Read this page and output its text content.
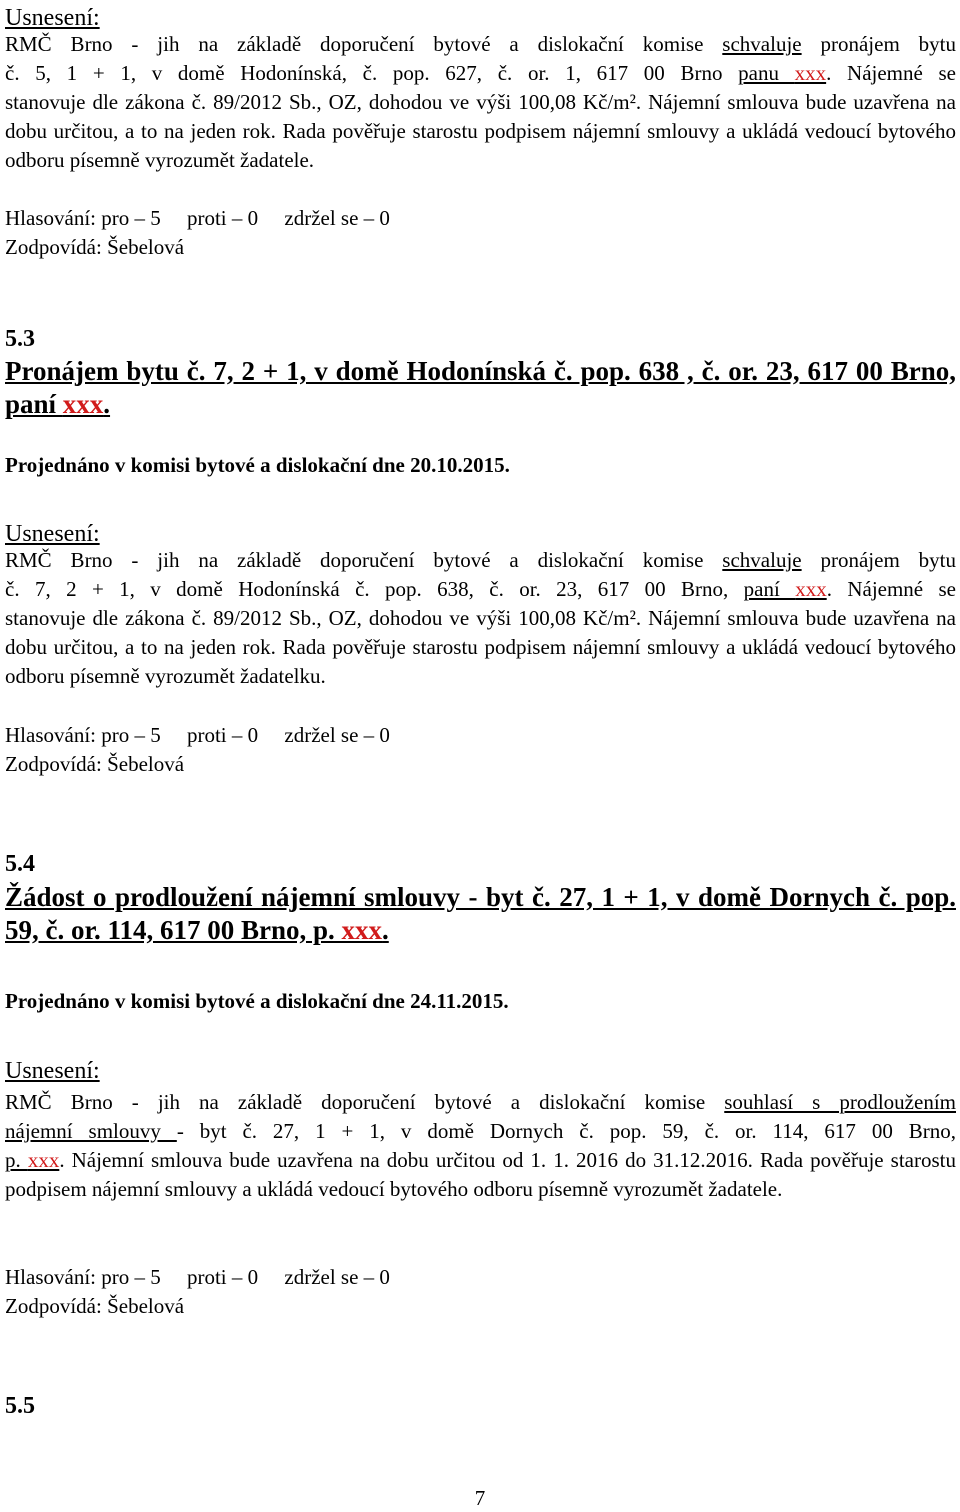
Usnesení:
RMČ Brno - jih na základě doporučení bytové a dislokační komise schvaluje pronájem bytu
č. 5, 1 + 1, v domě Hodonínská, č. pop. 627, č. or. 1, 617 00 Brno panu xxx. Nájemné se
stanovuje dle zákona č. 89/2012 Sb., OZ, dohodou ve výši 100,08 Kč/m². Nájemní smlouva bude uzavřena na dobu určitou, a to na jeden rok. Rada pověřuje starostu podpisem nájemní smlouvy a ukládá vedoucí bytového odboru písemně vyrozumět žadatele.
Hlasování: pro – 5     proti – 0     zdržel se – 0
Zodpovídá: Šebelová
5.3
Pronájem bytu č. 7, 2 + 1, v domě Hodonínská č. pop. 638 , č. or. 23, 617 00 Brno, paní xxx.
Projednáno v komisi bytové a dislokační dne 20.10.2015.
Usnesení:
RMČ Brno - jih na základě doporučení bytové a dislokační komise schvaluje pronájem bytu
č. 7, 2 + 1, v domě Hodonínská č. pop. 638, č. or. 23, 617 00 Brno, paní xxx. Nájemné se
stanovuje dle zákona č. 89/2012 Sb., OZ, dohodou ve výši 100,08 Kč/m². Nájemní smlouva bude uzavřena na dobu určitou, a to na jeden rok. Rada pověřuje starostu podpisem nájemní smlouvy a ukládá vedoucí bytového odboru písemně vyrozumět žadatelku.
Hlasování: pro – 5     proti – 0     zdržel se – 0
Zodpovídá: Šebelová
5.4
Žádost o prodloužení nájemní smlouvy - byt č. 27, 1 + 1, v domě Dornych č. pop. 59, č. or. 114, 617 00 Brno, p. xxx.
Projednáno v komisi bytové a dislokační dne 24.11.2015.
Usnesení:
RMČ Brno - jih na základě doporučení bytové a dislokační komise souhlasí s prodloužením
nájemní smlouvy - byt č. 27, 1 + 1, v domě Dornych č. pop. 59, č. or. 114, 617 00 Brno,
p. xxx. Nájemní smlouva bude uzavřena na dobu určitou od 1. 1. 2016 do 31.12.2016. Rada pověřuje starostu podpisem nájemní smlouvy a ukládá vedoucí bytového odboru písemně vyrozumět žadatele.
Hlasování: pro – 5     proti – 0     zdržel se – 0
Zodpovídá: Šebelová
5.5
7
